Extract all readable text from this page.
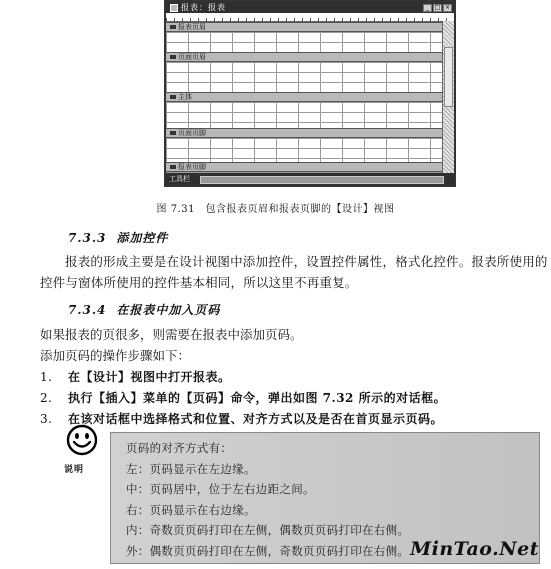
报表：报表	_ □ ×
报表页眉
页面页眉
主体
页面页脚
报表页脚
工具栏
图 7.31　包含报表页眉和报表页脚的【设计】视图
7.3.3 添加控件

报表的形成主要是在设计视图中添加控件，设置控件属性，格式化控件。报表所使用的控件与窗体所使用的控件基本相同，所以这里不再重复。

7.3.4 在报表中加入页码
如果报表的页很多，则需要在报表中添加页码。
添加页码的操作步骤如下：
1. 在【设计】视图中打开报表。
2. 执行【插入】菜单的【页码】命令，弹出如图 7.32 所示的对话框。
3. 在该对话框中选择格式和位置、对齐方式以及是否在首页显示页码。
说明
页码的对齐方式有：
左：页码显示在左边缘。
中：页码居中，位于左右边距之间。
右：页码显示在右边缘。
内：奇数页页码打印在左侧，偶数页页码打印在右侧。
外：偶数页页码打印在左侧，奇数页页码打印在右侧。 MinTao.Net
